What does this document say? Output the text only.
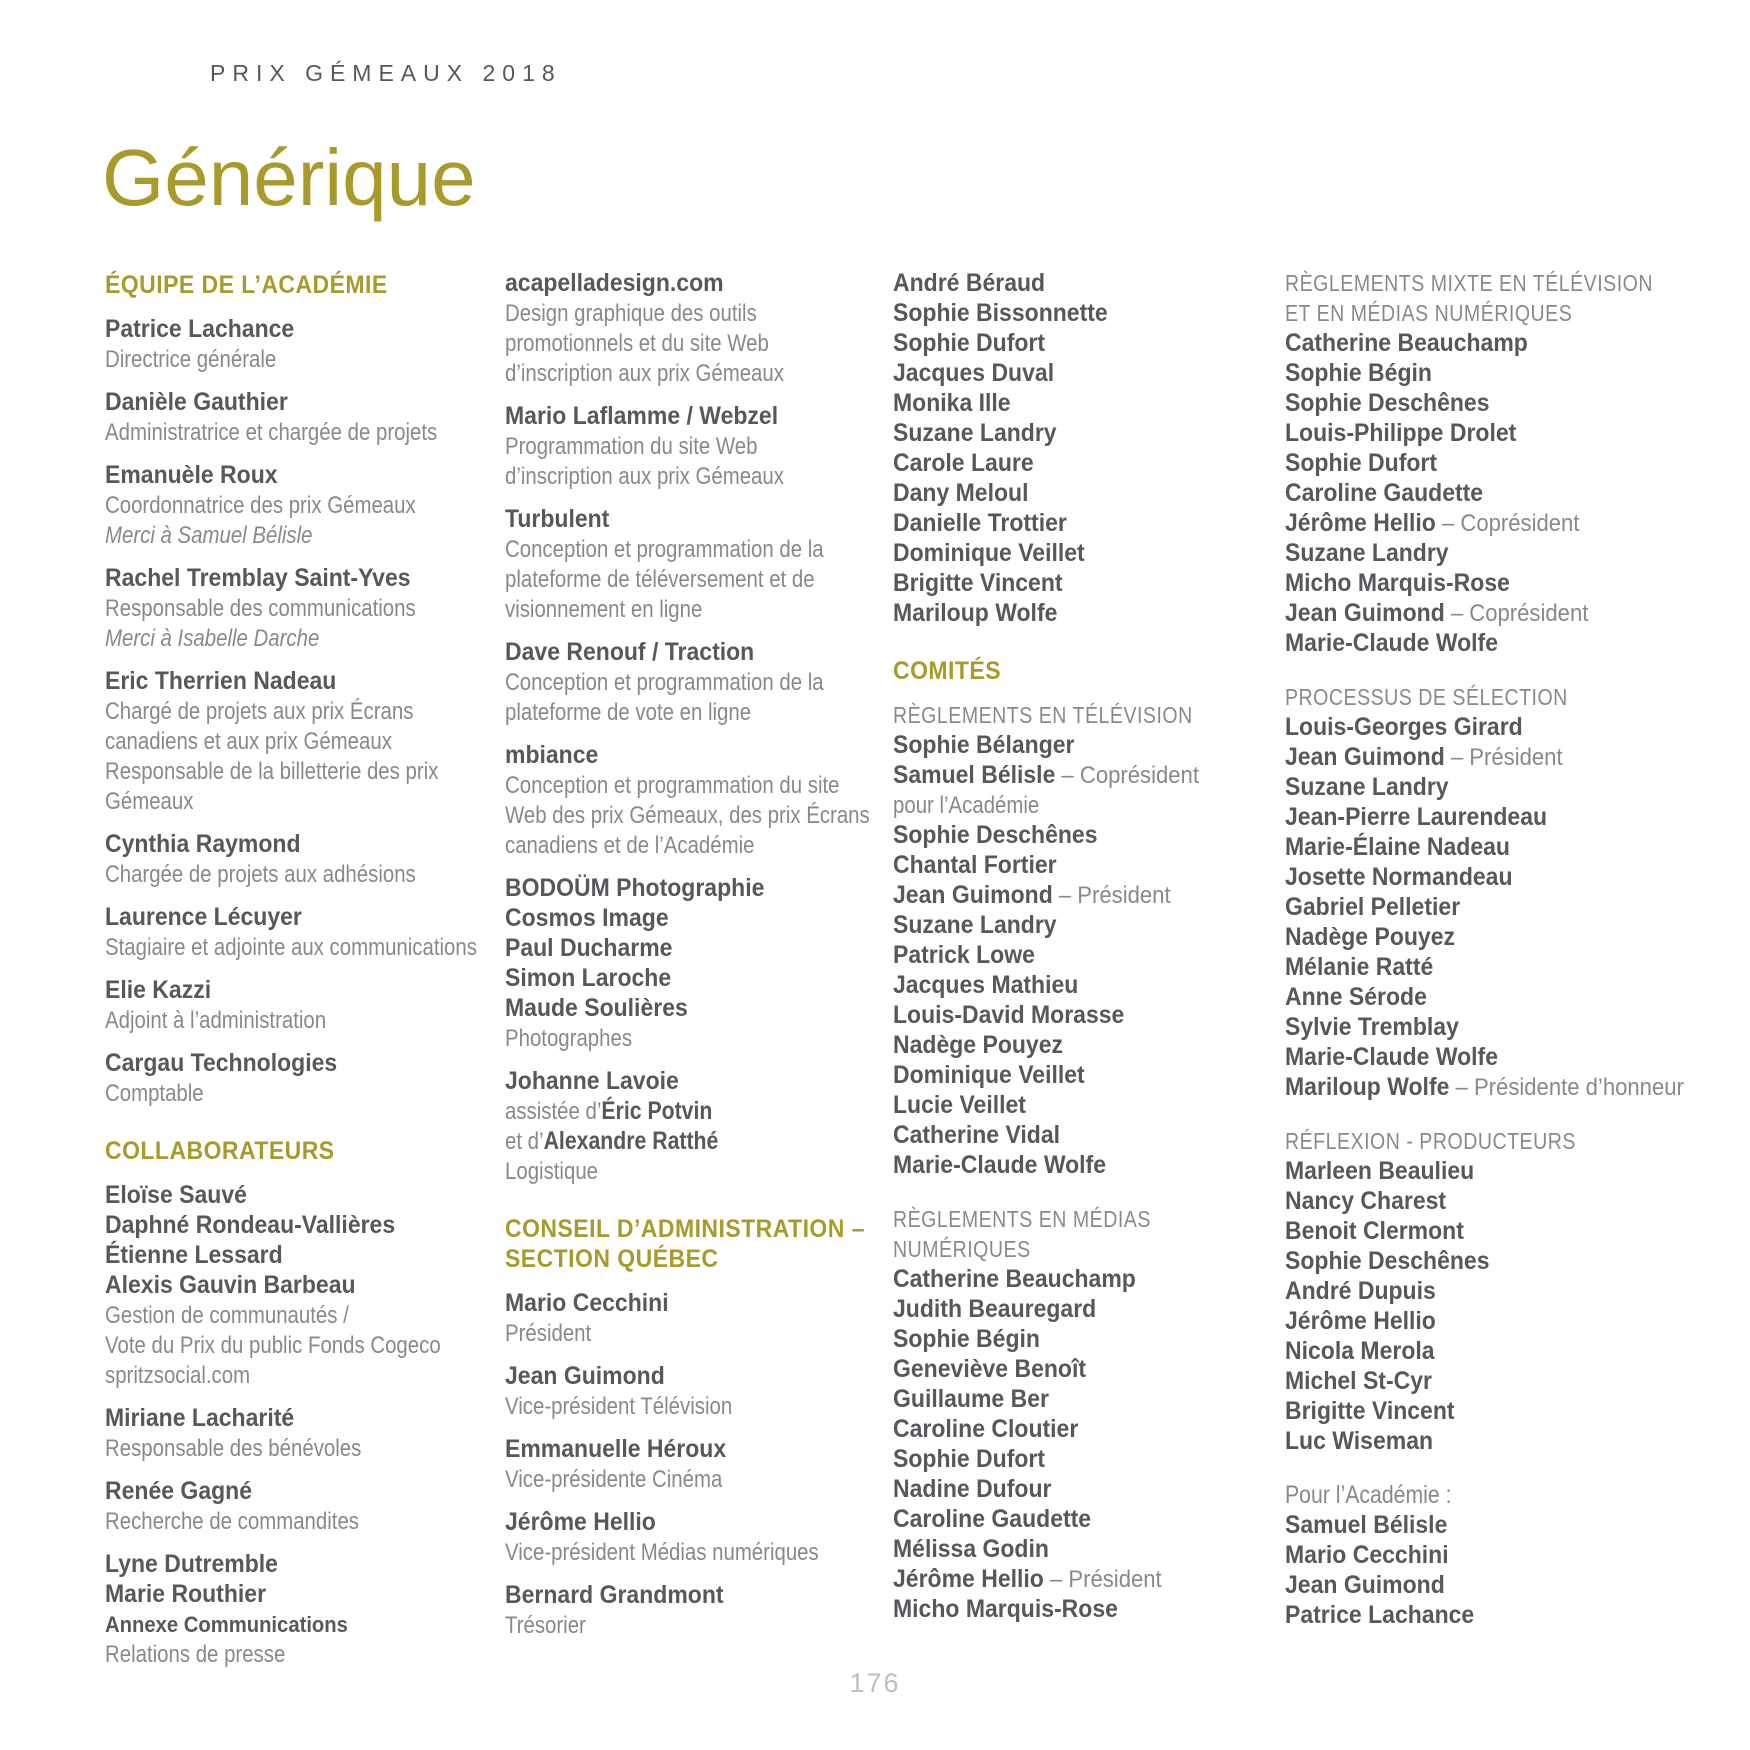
PRIX GÉMEAUX 2018
Générique
ÉQUIPE DE L’ACADÉMIE
Patrice Lachance
Directrice générale
Danièle Gauthier
Administratrice et chargée de projets
Emanuèle Roux
Coordonnatrice des prix Gémeaux
Merci à Samuel Bélisle
Rachel Tremblay Saint-Yves
Responsable des communications
Merci à Isabelle Darche
Eric Therrien Nadeau
Chargé de projets aux prix Écrans
canadiens et aux prix Gémeaux
Responsable de la billetterie des prix
Gémeaux
Cynthia Raymond
Chargée de projets aux adhésions
Laurence Lécuyer
Stagiaire et adjointe aux communications
Elie Kazzi
Adjoint à l’administration
Cargau Technologies
Comptable
COLLABORATEURS
Eloïse Sauvé
Daphné Rondeau-Vallières
Étienne Lessard
Alexis Gauvin Barbeau
Gestion de communautés /
Vote du Prix du public Fonds Cogeco
spritzsocial.com
Miriane Lacharité
Responsable des bénévoles
Renée Gagné
Recherche de commandites
Lyne Dutremble
Marie Routhier
Annexe Communications
Relations de presse
acapelladesign.com
Design graphique des outils
promotionnels et du site Web
d’inscription aux prix Gémeaux
Mario Laflamme / Webzel
Programmation du site Web
d’inscription aux prix Gémeaux
Turbulent
Conception et programmation de la
plateforme de téléversement et de
visionnement en ligne
Dave Renouf / Traction
Conception et programmation de la
plateforme de vote en ligne
mbiance
Conception et programmation du site
Web des prix Gémeaux, des prix Écrans
canadiens et de l’Académie
BODOÜM Photographie
Cosmos Image
Paul Ducharme
Simon Laroche
Maude Soulières
Photographes
Johanne Lavoie
assistée d’Éric Potvin
et d’Alexandre Ratthé
Logistique
CONSEIL D’ADMINISTRATION –
SECTION QUÉBEC
Mario Cecchini
Président
Jean Guimond
Vice-président Télévision
Emmanuelle Héroux
Vice-présidente Cinéma
Jérôme Hellio
Vice-président Médias numériques
Bernard Grandmont
Trésorier
André Béraud
Sophie Bissonnette
Sophie Dufort
Jacques Duval
Monika Ille
Suzane Landry
Carole Laure
Dany Meloul
Danielle Trottier
Dominique Veillet
Brigitte Vincent
Mariloup Wolfe
COMITÉS
RÈGLEMENTS EN TÉLÉVISION
Sophie Bélanger
Samuel Bélisle – Coprésident
pour l’Académie
Sophie Deschênes
Chantal Fortier
Jean Guimond – Président
Suzane Landry
Patrick Lowe
Jacques Mathieu
Louis-David Morasse
Nadège Pouyez
Dominique Veillet
Lucie Veillet
Catherine Vidal
Marie-Claude Wolfe
RÈGLEMENTS EN MÉDIAS
NUMÉRIQUES
Catherine Beauchamp
Judith Beauregard
Sophie Bégin
Geneviève Benoît
Guillaume Ber
Caroline Cloutier
Sophie Dufort
Nadine Dufour
Caroline Gaudette
Mélissa Godin
Jérôme Hellio – Président
Micho Marquis-Rose
RÈGLEMENTS MIXTE EN TÉLÉVISION
ET EN MÉDIAS NUMÉRIQUES
Catherine Beauchamp
Sophie Bégin
Sophie Deschênes
Louis-Philippe Drolet
Sophie Dufort
Caroline Gaudette
Jérôme Hellio – Coprésident
Suzane Landry
Micho Marquis-Rose
Jean Guimond – Coprésident
Marie-Claude Wolfe
PROCESSUS DE SÉLECTION
Louis-Georges Girard
Jean Guimond – Président
Suzane Landry
Jean-Pierre Laurendeau
Marie-Élaine Nadeau
Josette Normandeau
Gabriel Pelletier
Nadège Pouyez
Mélanie Ratté
Anne Sérode
Sylvie Tremblay
Marie-Claude Wolfe
Mariloup Wolfe – Présidente d’honneur
RÉFLEXION - PRODUCTEURS
Marleen Beaulieu
Nancy Charest
Benoit Clermont
Sophie Deschênes
André Dupuis
Jérôme Hellio
Nicola Merola
Michel St-Cyr
Brigitte Vincent
Luc Wiseman
Pour l’Académie :
Samuel Bélisle
Mario Cecchini
Jean Guimond
Patrice Lachance
176
